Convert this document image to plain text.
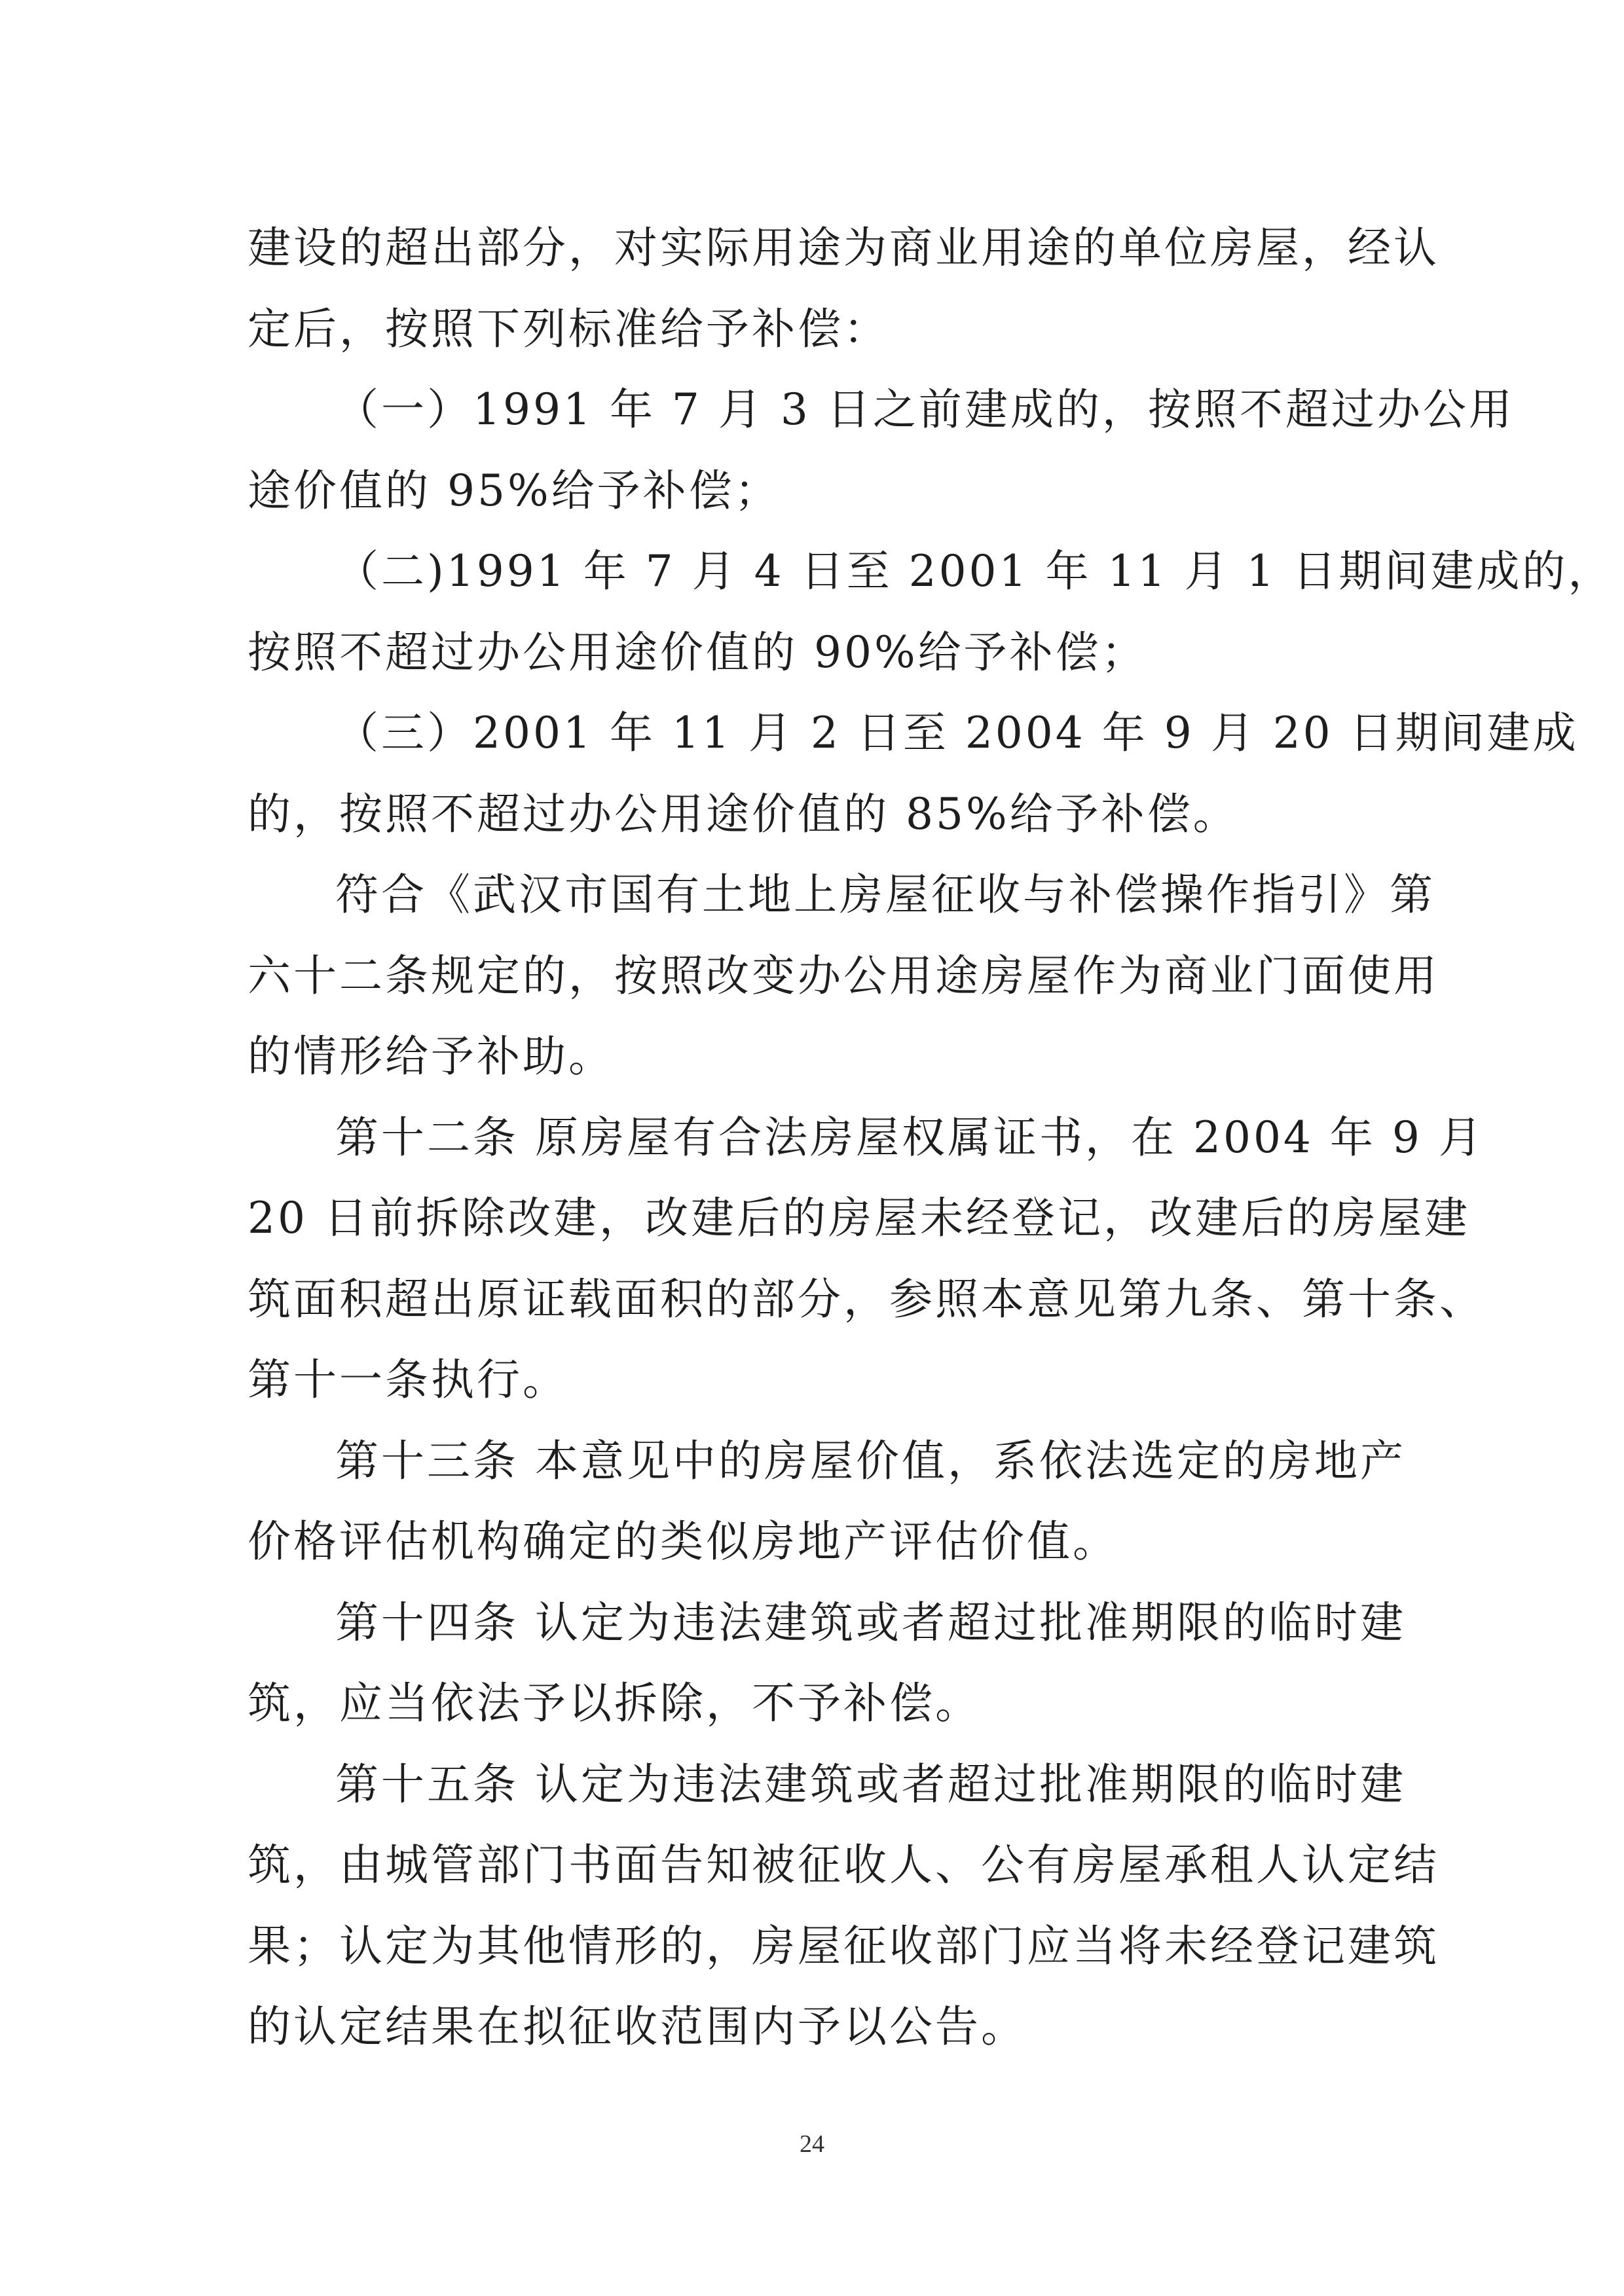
建设的超出部分，对实际用途为商业用途的单位房屋，经认
定后，按照下列标准给予补偿：
（一）1991 年 7 月 3 日之前建成的，按照不超过办公用
途价值的 95%给予补偿；
（二)1991 年 7 月 4 日至 2001 年 11 月 1 日期间建成的，
按照不超过办公用途价值的 90%给予补偿；
（三）2001 年 11 月 2 日至 2004 年 9 月 20 日期间建成
的，按照不超过办公用途价值的 85%给予补偿。
符合《武汉市国有土地上房屋征收与补偿操作指引》第
六十二条规定的，按照改变办公用途房屋作为商业门面使用
的情形给予补助。
第十二条 原房屋有合法房屋权属证书，在 2004 年 9 月
20 日前拆除改建，改建后的房屋未经登记，改建后的房屋建
筑面积超出原证载面积的部分，参照本意见第九条、第十条、
第十一条执行。
第十三条 本意见中的房屋价值，系依法选定的房地产
价格评估机构确定的类似房地产评估价值。
第十四条 认定为违法建筑或者超过批准期限的临时建
筑，应当依法予以拆除，不予补偿。
第十五条 认定为违法建筑或者超过批准期限的临时建
筑，由城管部门书面告知被征收人、公有房屋承租人认定结
果；认定为其他情形的，房屋征收部门应当将未经登记建筑
的认定结果在拟征收范围内予以公告。
24
